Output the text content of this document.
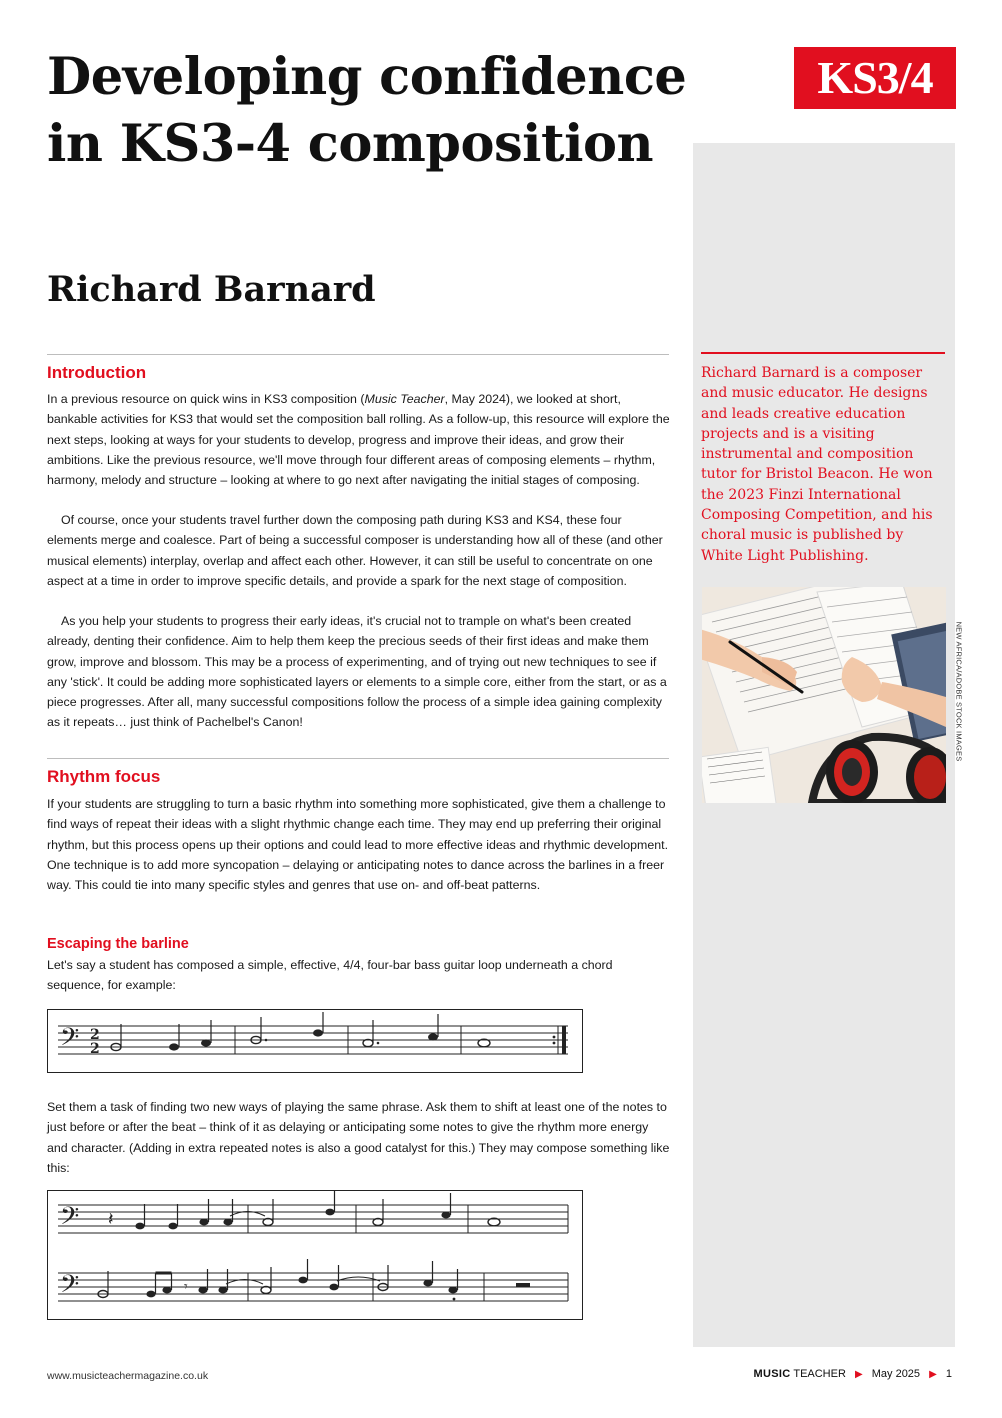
Developing confidence in KS3-4 composition
Richard Barnard
KS3/4

Richard Barnard is a composer and music educator. He designs and leads creative education projects and is a visiting instrumental and composition tutor for Bristol Beacon. He won the 2023 Finzi International Composing Competition, and his choral music is published by White Light Publishing.

NEW AFRICA/ADOBE STOCK IMAGES
Introduction

In a previous resource on quick wins in KS3 composition (Music Teacher, May 2024), we looked at short, bankable activities for KS3 that would set the composition ball rolling. As a follow-up, this resource will explore the next steps, looking at ways for your students to develop, progress and improve their ideas, and grow their ambitions. Like the previous resource, we'll move through four different areas of composing elements – rhythm, harmony, melody and structure – looking at where to go next after navigating the initial stages of composing.

Of course, once your students travel further down the composing path during KS3 and KS4, these four elements merge and coalesce. Part of being a successful composer is understanding how all of these (and other musical elements) interplay, overlap and affect each other. However, it can still be useful to concentrate on one aspect at a time in order to improve specific details, and provide a spark for the next stage of composition.

As you help your students to progress their early ideas, it's crucial not to trample on what's been created already, denting their confidence. Aim to help them keep the precious seeds of their first ideas and make them grow, improve and blossom. This may be a process of experimenting, and of trying out new techniques to see if any 'stick'. It could be adding more sophisticated layers or elements to a simple core, either from the start, or as a piece progresses. After all, many successful compositions follow the process of a simple idea gaining complexity as it repeats… just think of Pachelbel's Canon!

Rhythm focus

If your students are struggling to turn a basic rhythm into something more sophisticated, give them a challenge to find ways of repeat their ideas with a slight rhythmic change each time. They may end up preferring their original rhythm, but this process opens up their options and could lead to more effective ideas and rhythmic development. One technique is to add more syncopation – delaying or anticipating notes to dance across the barlines in a freer way. This could tie into many specific styles and genres that use on- and off-beat patterns.

Escaping the barline

Let's say a student has composed a simple, effective, 4/4, four-bar bass guitar loop underneath a chord sequence, for example:

𝄢 2
2

Set them a task of finding two new ways of playing the same phrase. Ask them to shift at least one of the notes to just before or after the beat – think of it as delaying or anticipating some notes to give the rhythm more energy and character. (Adding in extra repeated notes is also a good catalyst for this.) They may compose something like this:

𝄢
𝄢
𝄽
𝄾
www.musicteachermagazine.co.uk	MUSIC TEACHER ▶ May 2025 ▶ 1
